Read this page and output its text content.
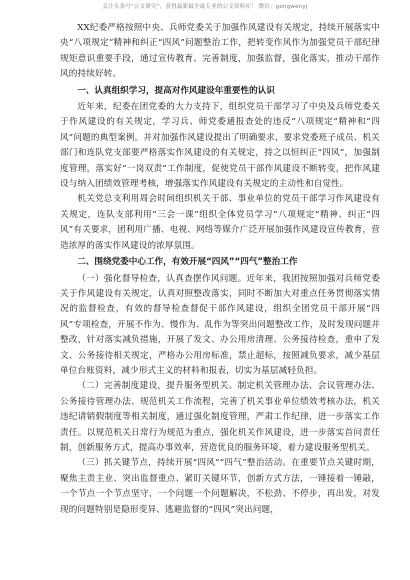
关注头条号“公文研究”，获得最新最全最专业的公文资料库！ 微信：gongwenyj

XX纪委严格按照中央、兵师党委关于加强作风建设有关规定，持续开展落实中央“八项规定”精神和纠正“四风”问题整治工作，把转变作风作为加强党员干部纪律规矩意识重要手段，通过宣传教育、完善制度，加强监督，强化落实，推动干部作风的持续好转。

一、认真组织学习，提高对作风建设年重要性的认识

近年来，纪委在团党委的大力支持下，组织党员干部学习了中央及兵师党委关于作风建设的有关规定，学习兵、师党委通报查处的违反“八项规定”精神和“四风”问题的典型案例。并对加强作风建设提出了明确要求，要求党委班子成员、机关部门和连队党支部要严格落实作风建设的有关规定，持之以恒纠正“四风”，加强制度管理，落实好“一岗双责”工作制度，促使党员干部作风建设不断转变，把作风建设与纳入团绩效管理考核，增强落实作风建设有关规定的主动性和自觉性。

机关党总支利用周会时间组织机关干部、事业单位的党员干部学习作风建设有关规定，连队支部利用“三会一课”组织全体党员学习“八项规定”精神、纠正“四风”有关要求，团利用广播、电视、网络等媒介广泛开展加强作风建设宣传教育，营造浓厚的落实作风建设的浓厚氛围。

二、围绕党委中心工作，有效开展“四风”“四气”整治工作

（一）强化督导检查，认真查摆作风问题。近年来，我团按照加强对兵师党委关于作风建设有关规定，认真对照整改落实，同时不断加大对重点任务贯彻落实情况的监督检查，有效的督导检查督促干部作风建设，组织全团党员干部开展“四风”专项检查，开展不作为、慢作为、乱作为等突出问题整改工作，及时发现问题并整改，针对落实减负措施，开展了发文、办公用房清理、公务接待检查，重申了发文、公务接待相关规定，严格办公用房标准，禁止超标，按照减负要求，减少基层单位台账资料，减少形式主义的材料和报表，切实为基层减轻负担。

（二）完善制度建设，提升服务型机关。制定机关管理办法、会议管理办法、公务接待管理办法、规范机关工作流程，完善了机关事业单位绩效考核办法，机关违纪请销假制度等相关制度，通过强化制度管理，严肃工作纪律，进一步落实工作责任。以规范机关日常行为规范为重点，强化机关作风建设，进一步落实首问责任制，创新服务方式，提高办事效率，营造优良的服务环境，着力建设服务型机关。

（三）抓关键节点，持续开展“四风”“四气”整治活动。在重要节点关键时期，聚焦主责主业、突出监督重点、紧盯关键环节，创新方式方法，一锤接着一锤敲，一个节点一个节点坚守，一个问题一个问题解决，不松劲、不停步，再出发，对发现的问题特别是隐形变异、逃避监督的“四风”突出问题，
